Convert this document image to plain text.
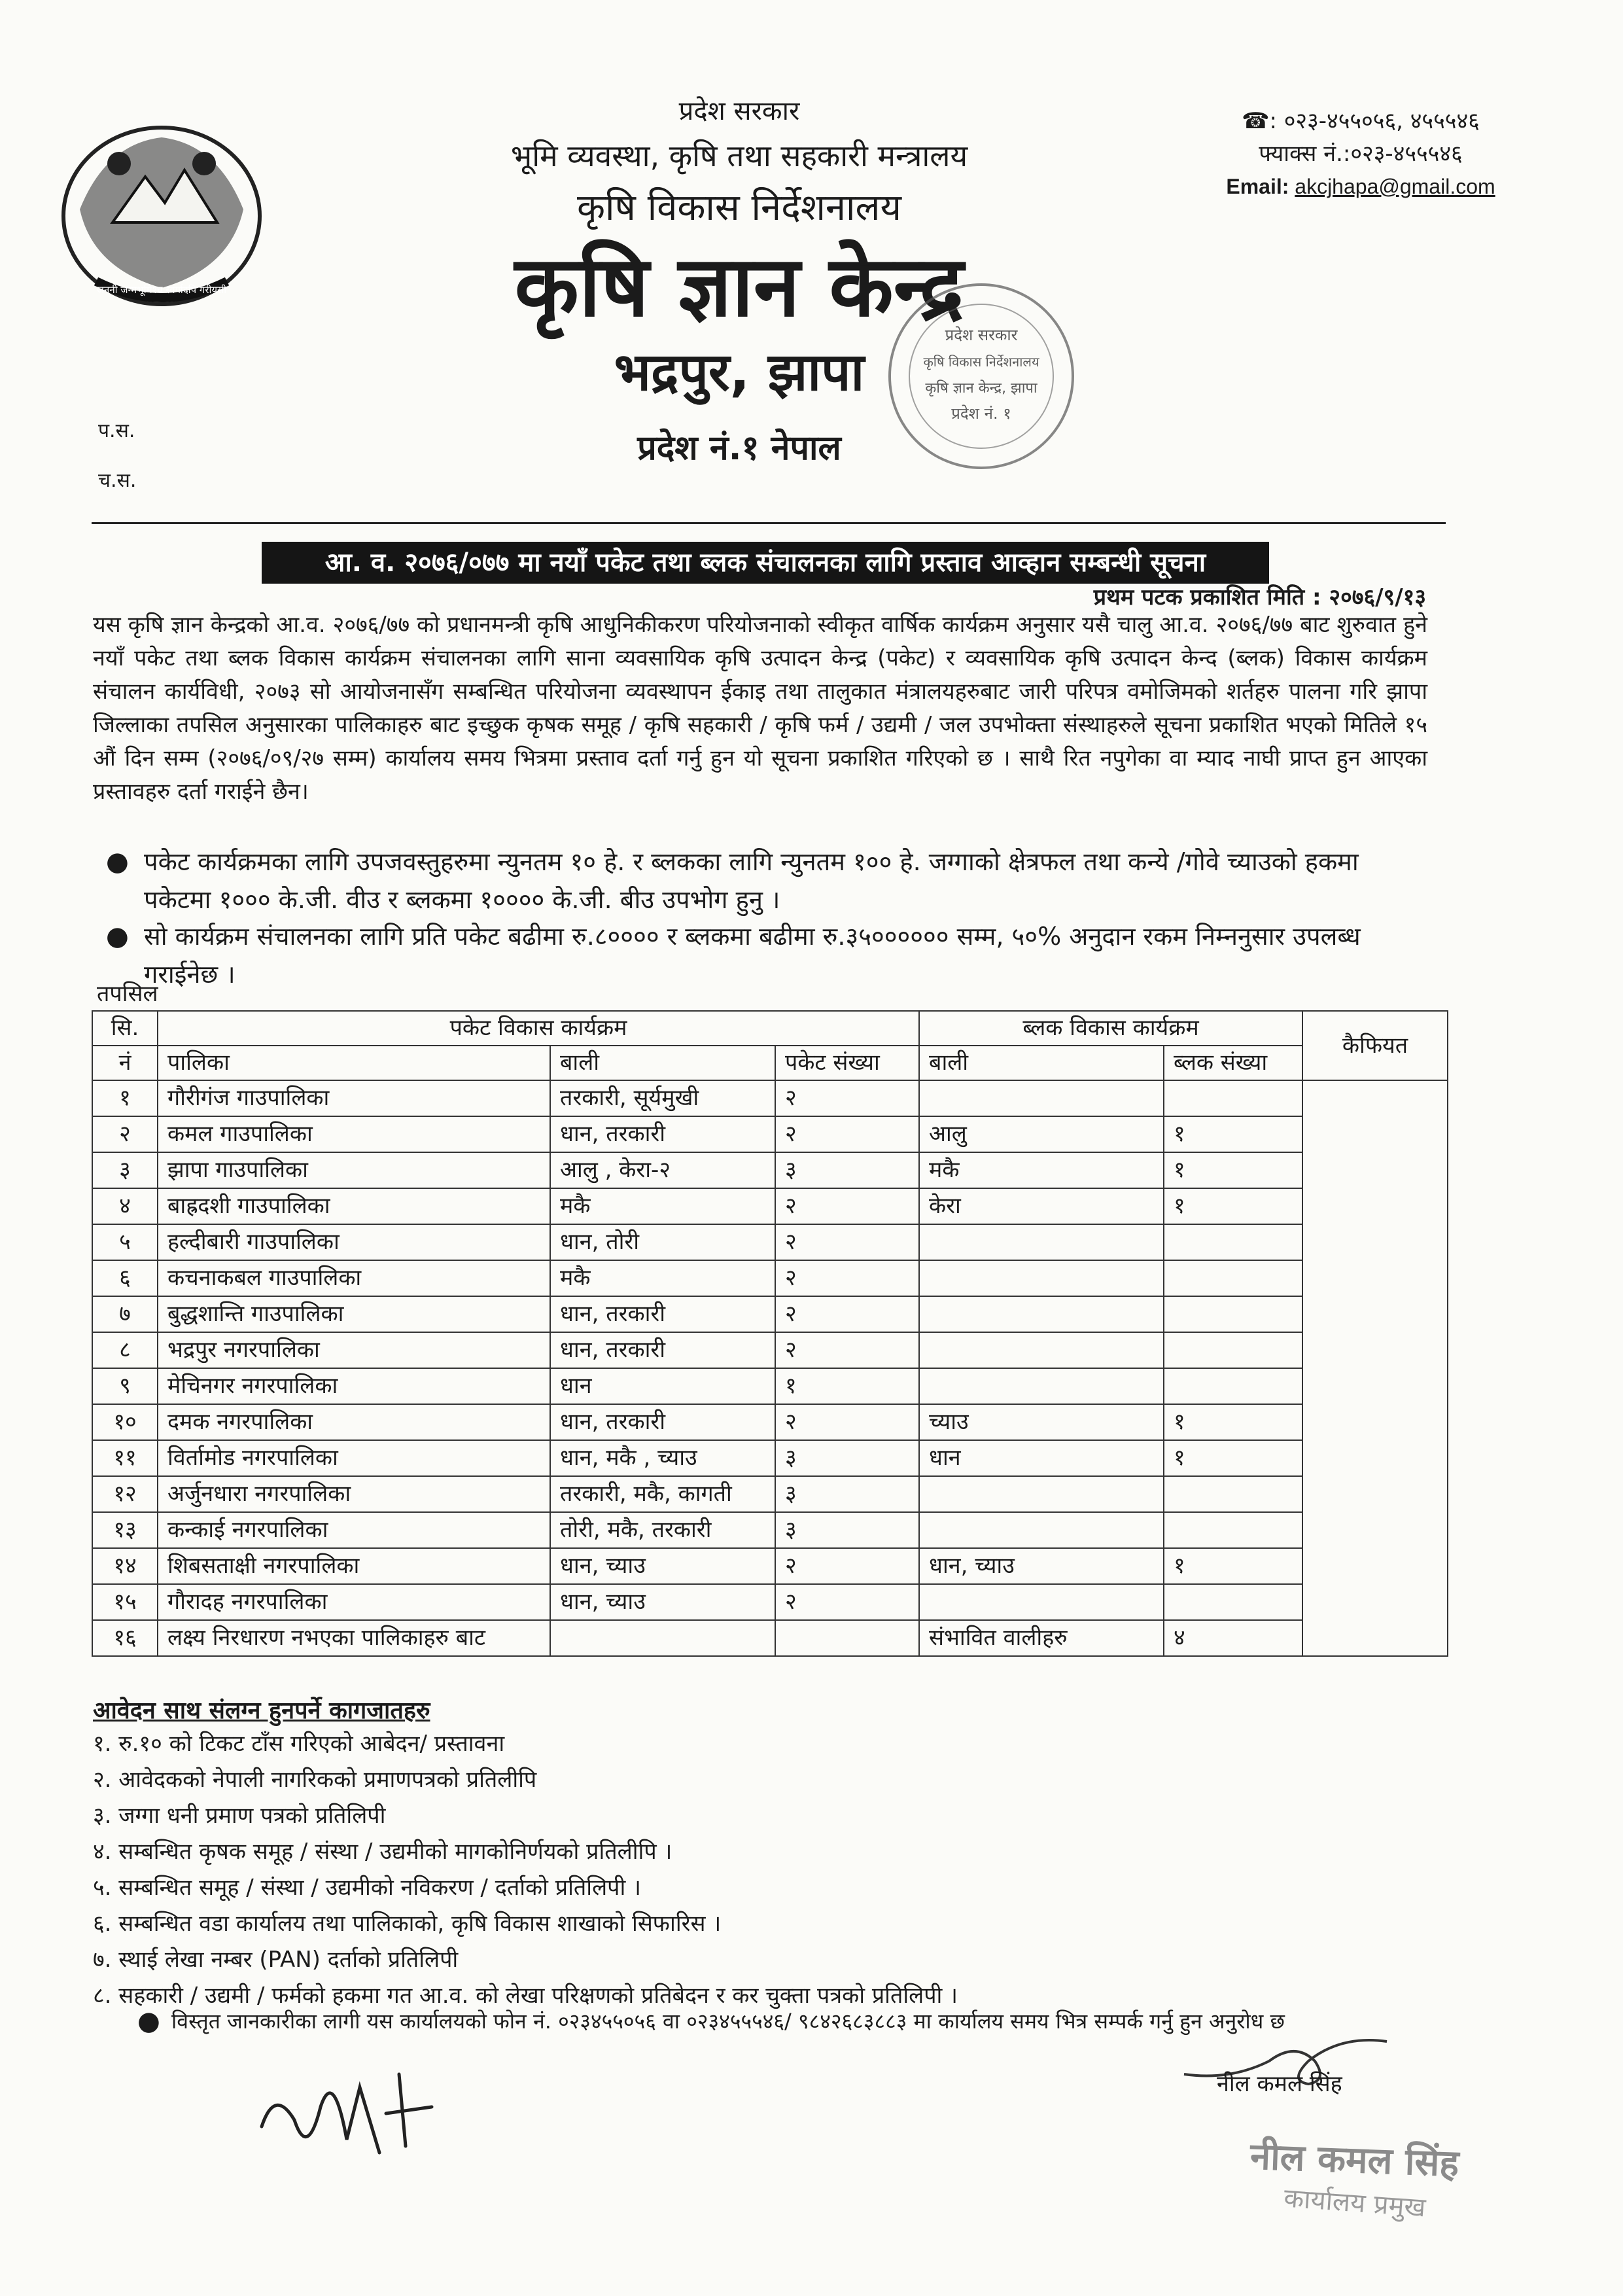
जननी जन्मभूमिश्च स्वर्गादपि गरीयसी
प्रदेश सरकार
भूमि व्यवस्था, कृषि तथा सहकारी मन्त्रालय
कृषि विकास निर्देशनालय
कृषि ज्ञान केन्द्र
भद्रपुर, झापा
प्रदेश नं.१ नेपाल
☎: ०२३-४५५०५६, ४५५५४६
फ्याक्स नं.:०२३-४५५५४६
Email: akcjhapa@gmail.com
प.स.
च.स.
प्रदेश सरकार
कृषि विकास निर्देशनालय
कृषि ज्ञान केन्द्र, झापा
प्रदेश नं. १
आ. व. २०७६/०७७ मा नयाँ पकेट तथा ब्लक संचालनका लागि प्रस्ताव आव्हान सम्बन्धी सूचना
प्रथम पटक प्रकाशित मिति : २०७६/९/१३
यस कृषि ज्ञान केन्द्रको आ.व. २०७६/७७ को प्रधानमन्त्री कृषि आधुनिकीकरण परियोजनाको स्वीकृत वार्षिक कार्यक्रम अनुसार यसै चालु आ.व. २०७६/७७ बाट शुरुवात हुने नयाँ पकेट तथा ब्लक विकास कार्यक्रम संचालनका लागि साना व्यवसायिक कृषि उत्पादन केन्द्र (पकेट) र व्यवसायिक कृषि उत्पादन केन्द (ब्लक) विकास कार्यक्रम संचालन कार्यविधी, २०७३ सो आयोजनासँग सम्बन्धित परियोजना व्यवस्थापन ईकाइ तथा तालुकात मंत्रालयहरुबाट जारी परिपत्र वमोजिमको शर्तहरु पालना गरि झापा जिल्लाका तपसिल अनुसारका पालिकाहरु बाट इच्छुक कृषक समूह / कृषि सहकारी / कृषि फर्म / उद्यमी / जल उपभोक्ता संस्थाहरुले सूचना प्रकाशित भएको मितिले १५ औं दिन सम्म (२०७६/०९/२७ सम्म) कार्यालय समय भित्रमा प्रस्ताव दर्ता गर्नु हुन यो सूचना प्रकाशित गरिएको छ । साथै रित नपुगेका वा म्याद नाघी प्राप्त हुन आएका प्रस्तावहरु दर्ता गराईने छैन।
● पकेट कार्यक्रमका लागि उपजवस्तुहरुमा न्युनतम १० हे. र ब्लकका लागि न्युनतम १०० हे. जग्गाको क्षेत्रफल तथा कन्ये /गोवे च्याउको हकमा पकेटमा १००० के.जी. वीउ र ब्लकमा १०००० के.जी. बीउ उपभोग हुनु ।
● सो कार्यक्रम संचालनका लागि प्रति पकेट बढीमा रु.८०००० र ब्लकमा बढीमा रु.३५०००००० सम्म, ५०% अनुदान रकम निम्ननुसार उपलब्ध गराईनेछ ।
तपसिल
सि.	पकेट विकास कार्यक्रम			ब्लक विकास कार्यक्रम		कैफियत
नं	पालिका	बाली	पकेट संख्या	बाली	ब्लक संख्या	
१	गौरीगंज गाउपालिका	तरकारी, सूर्यमुखी	२			
२	कमल गाउपालिका	धान, तरकारी	२	आलु	१	
३	झापा गाउपालिका	आलु , केरा-२	३	मकै	१	
४	बाह्रदशी गाउपालिका	मकै	२	केरा	१	
५	हल्दीबारी गाउपालिका	धान, तोरी	२			
६	कचनाकबल गाउपालिका	मकै	२			
७	बुद्धशान्ति गाउपालिका	धान, तरकारी	२			
८	भद्रपुर नगरपालिका	धान, तरकारी	२			
९	मेचिनगर नगरपालिका	धान	१			
१०	दमक नगरपालिका	धान, तरकारी	२	च्याउ	१	
११	विर्तामोड नगरपालिका	धान, मकै , च्याउ	३	धान	१	
१२	अर्जुनधारा नगरपालिका	तरकारी, मकै, कागती	३			
१३	कन्काई नगरपालिका	तोरी, मकै, तरकारी	३			
१४	शिबसताक्षी नगरपालिका	धान, च्याउ	२	धान, च्याउ	१	
१५	गौरादह नगरपालिका	धान, च्याउ	२			
१६	लक्ष्य निरधारण नभएका पालिकाहरु बाट			संभावित वालीहरु	४	
आवेदन साथ संलग्न हुनपर्ने कागजातहरु
१. रु.१० को टिकट टाँस गरिएको आबेदन/ प्रस्तावना
२. आवेदकको नेपाली नागरिकको प्रमाणपत्रको प्रतिलीपि
३. जग्गा धनी प्रमाण पत्रको प्रतिलिपी
४. सम्बन्धित कृषक समूह / संस्था / उद्यमीको मागकोनिर्णयको प्रतिलीपि ।
५. सम्बन्धित समूह / संस्था / उद्यमीको नविकरण / दर्ताको प्रतिलिपी ।
६. सम्बन्धित वडा कार्यालय तथा पालिकाको, कृषि विकास शाखाको सिफारिस ।
७. स्थाई लेखा नम्बर (PAN) दर्ताको प्रतिलिपी
८. सहकारी / उद्यमी / फर्मको हकमा गत आ.व. को लेखा परिक्षणको प्रतिबेदन र कर चुक्ता पत्रको प्रतिलिपी ।
● विस्तृत जानकारीका लागी यस कार्यालयको फोन नं. ०२३४५५०५६ वा ०२३४५५५४६/ ९८४२६८३८८३ मा कार्यालय समय भित्र सम्पर्क गर्नु हुन अनुरोध छ
नील कमल सिंह
नील कमल सिंह
कार्यालय प्रमुख
